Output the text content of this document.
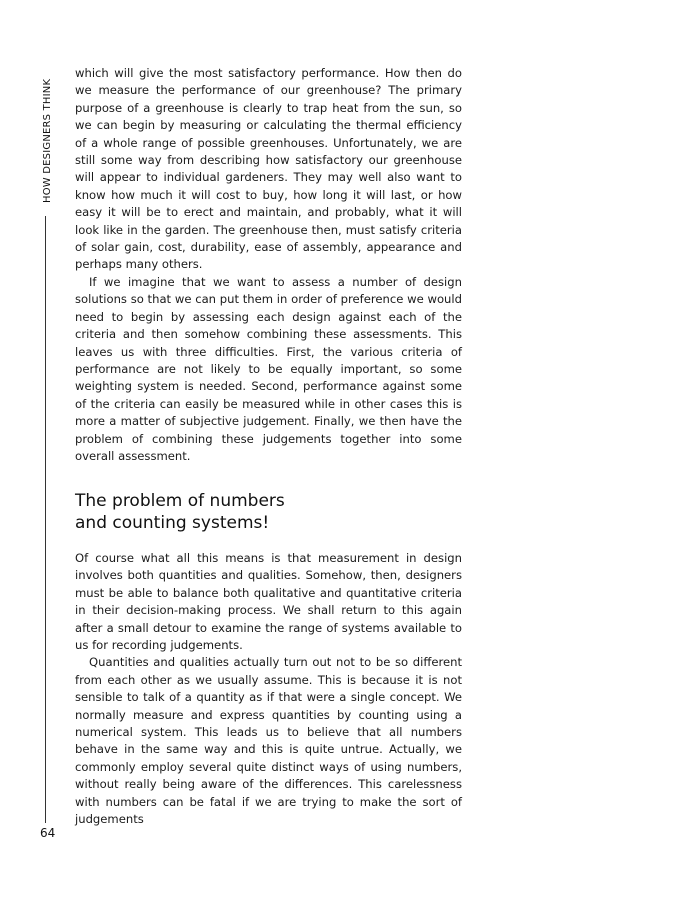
HOW DESIGNERS THINK
64

which will give the most satisfactory performance. How then do we measure the performance of our greenhouse? The primary purpose of a greenhouse is clearly to trap heat from the sun, so we can begin by measuring or calculating the thermal efficiency of a whole range of possible greenhouses. Unfortunately, we are still some way from describing how satisfactory our greenhouse will appear to individual gardeners. They may well also want to know how much it will cost to buy, how long it will last, or how easy it will be to erect and maintain, and probably, what it will look like in the garden. The greenhouse then, must satisfy criteria of solar gain, cost, durability, ease of assembly, appearance and perhaps many others.

If we imagine that we want to assess a number of design solutions so that we can put them in order of preference we would need to begin by assessing each design against each of the criteria and then somehow combining these assessments. This leaves us with three difficulties. First, the various criteria of performance are not likely to be equally important, so some weighting system is needed. Second, performance against some of the criteria can easily be measured while in other cases this is more a matter of subjective judgement. Finally, we then have the problem of combining these judgements together into some overall assessment.

The problem of numbers
and counting systems!

Of course what all this means is that measurement in design involves both quantities and qualities. Somehow, then, designers must be able to balance both qualitative and quantitative criteria in their decision-making process. We shall return to this again after a small detour to examine the range of systems available to us for recording judgements.

Quantities and qualities actually turn out not to be so different from each other as we usually assume. This is because it is not sensible to talk of a quantity as if that were a single concept. We normally measure and express quantities by counting using a numerical system. This leads us to believe that all numbers behave in the same way and this is quite untrue. Actually, we commonly employ several quite distinct ways of using numbers, without really being aware of the differences. This carelessness with numbers can be fatal if we are trying to make the sort of judgements
